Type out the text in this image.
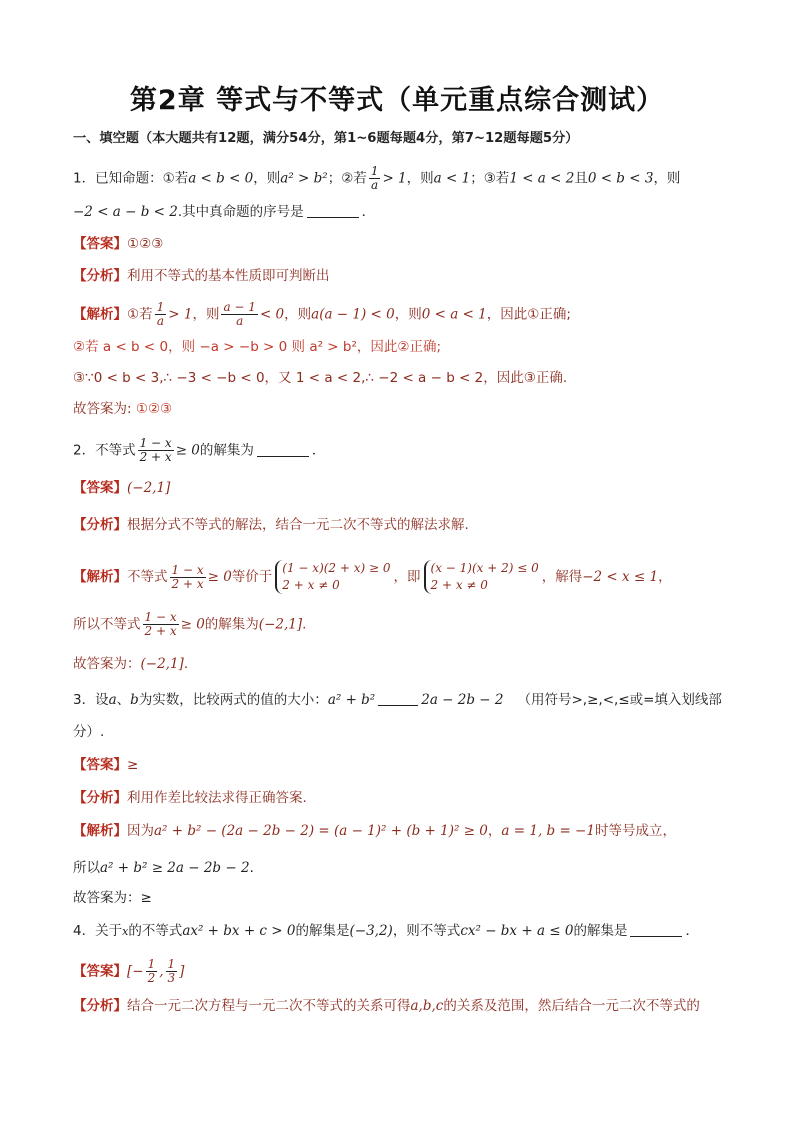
第2章 等式与不等式（单元重点综合测试）
一、填空题（本大题共有12题，满分54分，第1~6题每题4分，第7~12题每题5分）
1．已知命题：①若a < b < 0，则a² > b²；②若 $\frac{1}{a} > 1$，则a < 1；③若1 < a < 2且0 < b < 3，则
−2 < a − b < 2.其中真命题的序号是	．
【答案】①②③
【分析】利用不等式的基本性质即可判断出
【解析】①若 $\frac{1}{a} > 1$，则 $\frac{a - 1}{a} < 0$，则a(a − 1) < 0，则0 < a < 1，因此①正确;
②若 a < b < 0，则 −a > −b > 0 则 a² > b²，因此②正确;
③∵0 < b < 3,∴ −3 < −b < 0，又 1 < a < 2,∴ −2 < a − b < 2，因此③正确.
故答案为: ①②③
2．不等式 $\frac{1 - x}{2 + x} \ge 0$的解集为	．
【答案】(−2,1]
【分析】根据分式不等式的解法，结合一元二次不等式的解法求解.
【解析】不等式 $\frac{1 - x}{2 + x} \ge 0$等价于
(1 − x)(2 + x) ≥ 0
2 + x ≠ 0	，即
(x − 1)(x + 2) ≤ 0
2 + x ≠ 0	，解得−2 < x ≤ 1，
所以不等式 $\frac{1 - x}{2 + x} \ge 0$的解集为(−2,1].
故答案为：(−2,1].
3．设a、b为实数，比较两式的值的大小：a² + b²	2a − 2b − 2 （用符号>,≥,<,≤或=填入划线部
分）.
【答案】≥
【分析】利用作差比较法求得正确答案.
【解析】因为a² + b² − (2a − 2b − 2) = (a − 1)² + (b + 1)² ≥ 0，a = 1, b = −1时等号成立，
所以a² + b² ≥ 2a − 2b − 2．
故答案为：≥
4．关于x的不等式ax² + bx + c > 0的解集是(−3,2)，则不等式cx² − bx + a ≤ 0的解集是	．
【答案】[− $\frac{1}{2}$ , $\frac{1}{3}$ ]
【分析】结合一元二次方程与一元二次不等式的关系可得a,b,c的关系及范围，然后结合一元二次不等式的
